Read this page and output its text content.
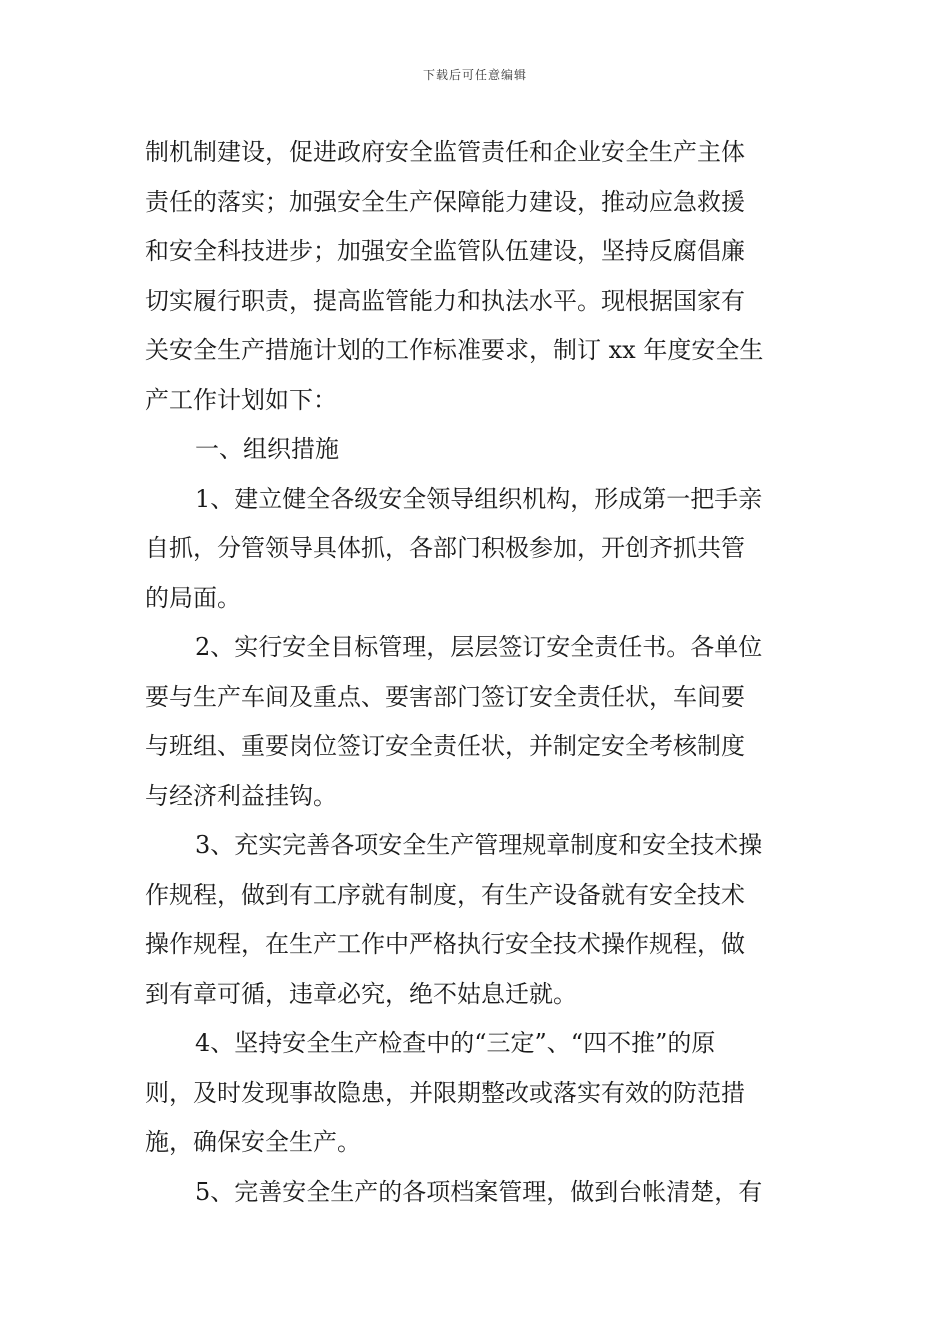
下载后可任意编辑
制机制建设，促进政府安全监管责任和企业安全生产主体
责任的落实；加强安全生产保障能力建设，推动应急救援
和安全科技进步；加强安全监管队伍建设，坚持反腐倡廉
切实履行职责，提高监管能力和执法水平。现根据国家有
关安全生产措施计划的工作标准要求，制订 xx 年度安全生
产工作计划如下：
一、组织措施
1、建立健全各级安全领导组织机构，形成第一把手亲
自抓，分管领导具体抓，各部门积极参加，开创齐抓共管
的局面。
2、实行安全目标管理，层层签订安全责任书。各单位
要与生产车间及重点、要害部门签订安全责任状，车间要
与班组、重要岗位签订安全责任状，并制定安全考核制度
与经济利益挂钩。
3、充实完善各项安全生产管理规章制度和安全技术操
作规程，做到有工序就有制度，有生产设备就有安全技术
操作规程，在生产工作中严格执行安全技术操作规程，做
到有章可循，违章必究，绝不姑息迁就。
4、坚持安全生产检查中的“三定”、“四不推”的原
则，及时发现事故隐患，并限期整改或落实有效的防范措
施，确保安全生产。
5、完善安全生产的各项档案管理，做到台帐清楚，有
